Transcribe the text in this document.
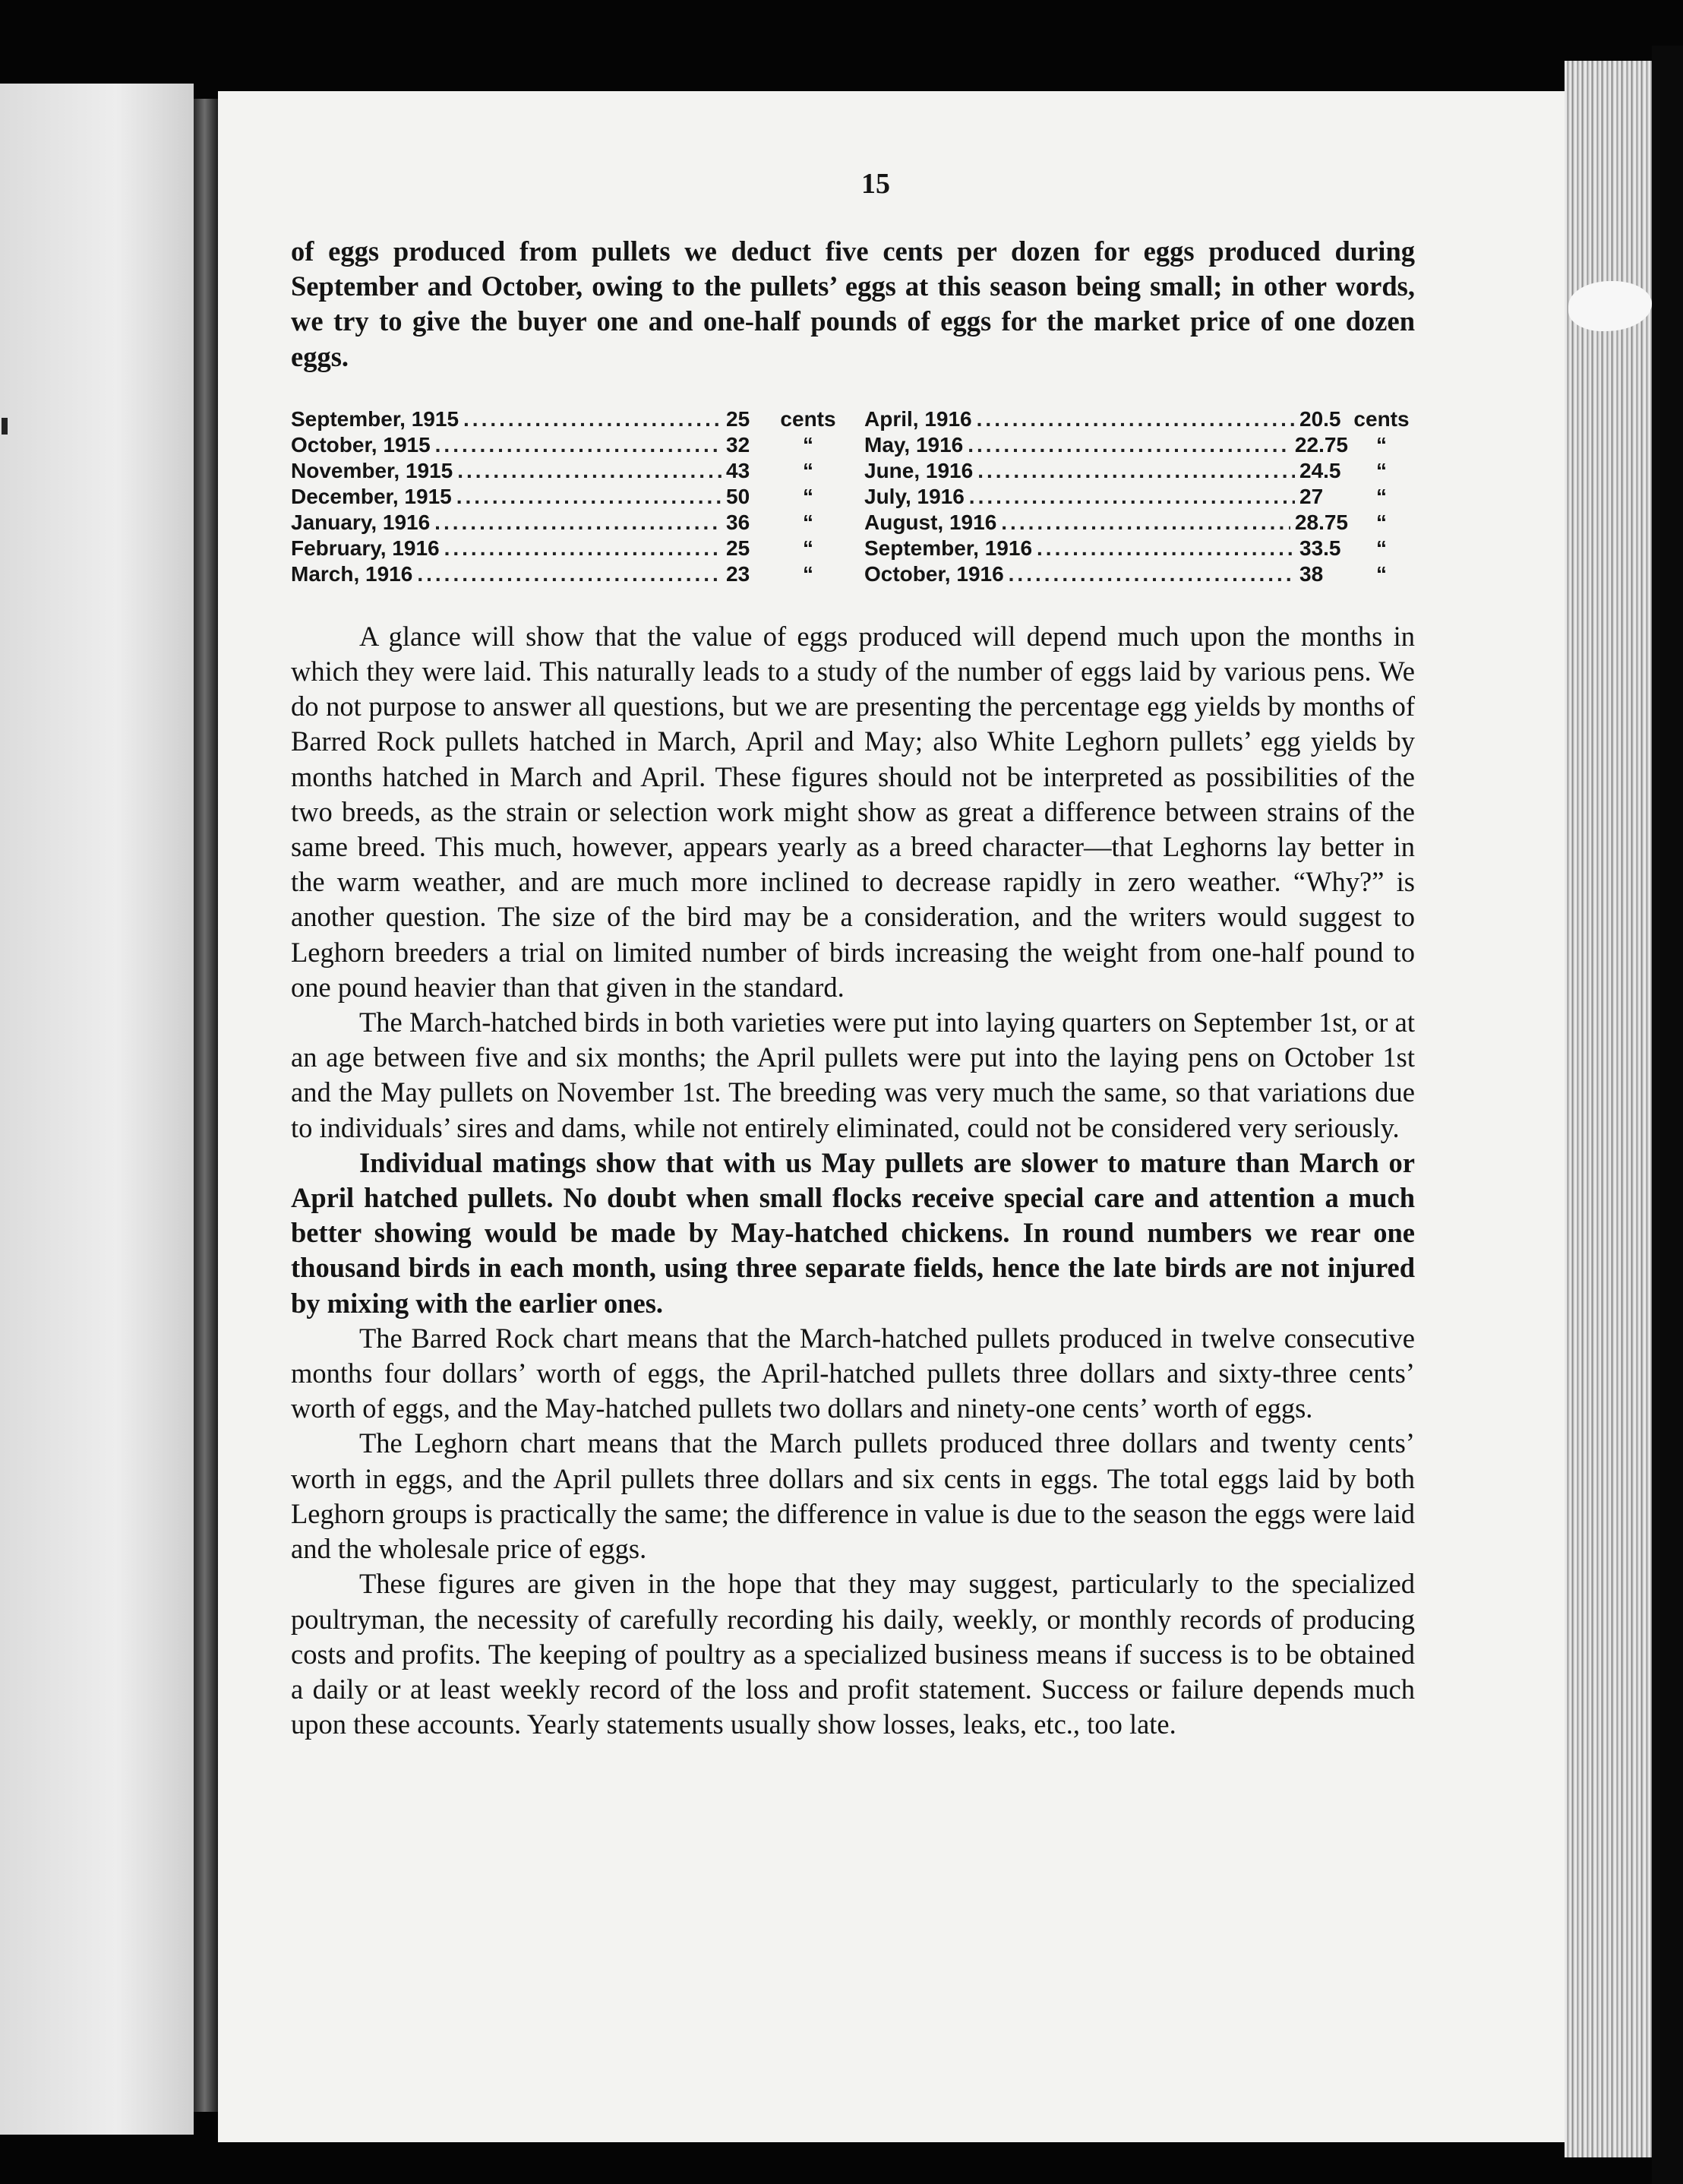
15

of eggs produced from pullets we deduct five cents per dozen for eggs produced during September and October, owing to the pullets’ eggs at this season being small; in other words, we try to give the buyer one and one-half pounds of eggs for the market price of one dozen eggs.

September, 1915 .....	25	cents
October, 1915 .....	32	“
November, 1915 .....	43	“
December, 1915 .....	50	“
January, 1916 .....	36	“
February, 1916 .....	25	“
March, 1916 .....	23	“
April, 1916 .....	20.5 cents
May, 1916 .....	22.75	“
June, 1916 .....	24.5	“
July, 1916 .....	27	“
August, 1916 .....	28.75	“
September, 1916 .....	33.5	“
October, 1916 .....	38	“

A glance will show that the value of eggs produced will depend much upon the months in which they were laid. This naturally leads to a study of the number of eggs laid by various pens. We do not purpose to answer all questions, but we are presenting the percentage egg yields by months of Barred Rock pullets hatched in March, April and May; also White Leghorn pullets’ egg yields by months hatched in March and April. These figures should not be interpreted as possibilities of the two breeds, as the strain or selection work might show as great a difference between strains of the same breed. This much, however, appears yearly as a breed character—that Leghorns lay better in the warm weather, and are much more inclined to decrease rapidly in zero weather. “Why?” is another question. The size of the bird may be a consideration, and the writers would suggest to Leghorn breeders a trial on limited number of birds increasing the weight from one-half pound to one pound heavier than that given in the standard.

The March-hatched birds in both varieties were put into laying quarters on September 1st, or at an age between five and six months; the April pullets were put into the laying pens on October 1st and the May pullets on November 1st. The breeding was very much the same, so that variations due to individuals’ sires and dams, while not entirely eliminated, could not be considered very seriously.

Individual matings show that with us May pullets are slower to mature than March or April hatched pullets. No doubt when small flocks receive special care and attention a much better showing would be made by May-hatched chickens. In round numbers we rear one thousand birds in each month, using three separate fields, hence the late birds are not injured by mixing with the earlier ones.

The Barred Rock chart means that the March-hatched pullets produced in twelve consecutive months four dollars’ worth of eggs, the April-hatched pullets three dollars and sixty-three cents’ worth of eggs, and the May-hatched pullets two dollars and ninety-one cents’ worth of eggs.

The Leghorn chart means that the March pullets produced three dollars and twenty cents’ worth in eggs, and the April pullets three dollars and six cents in eggs. The total eggs laid by both Leghorn groups is practically the same; the difference in value is due to the season the eggs were laid and the wholesale price of eggs.

These figures are given in the hope that they may suggest, particularly to the specialized poultryman, the necessity of carefully recording his daily, weekly, or monthly records of producing costs and profits. The keeping of poultry as a specialized business means if success is to be obtained a daily or at least weekly record of the loss and profit statement. Success or failure depends much upon these accounts. Yearly statements usually show losses, leaks, etc., too late.
